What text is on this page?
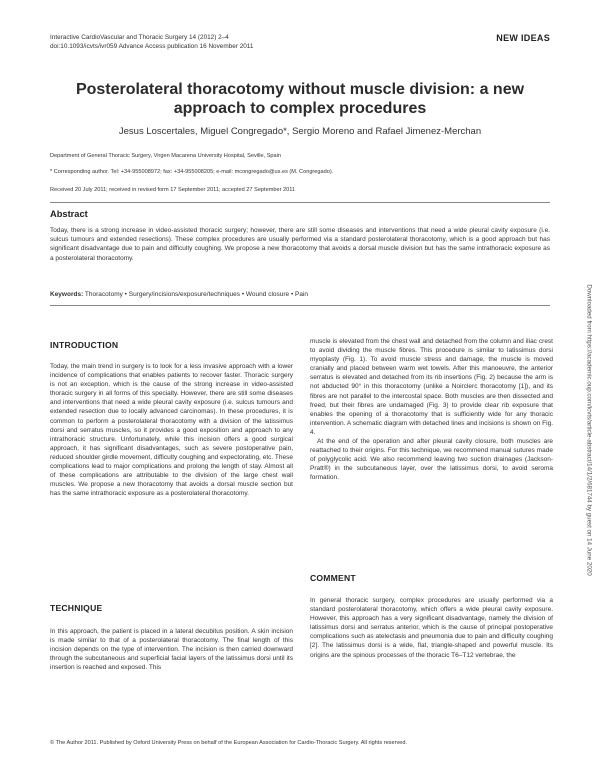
Interactive CardioVascular and Thoracic Surgery 14 (2012) 2–4
doi:10.1093/icvts/ivr059 Advance Access publication 16 November 2011
NEW IDEAS
Posterolateral thoracotomy without muscle division: a new approach to complex procedures
Jesus Loscertales, Miguel Congregado*, Sergio Moreno and Rafael Jimenez-Merchan
Department of General Thoracic Surgery, Virgen Macarena University Hospital, Seville, Spain
* Corresponding author. Tel: +34-955008972; fax: +34-955008205; e-mail: mcongregado@us.es (M. Congregado).
Received 20 July 2011; received in revised form 17 September 2011; accepted 27 September 2011
Abstract
Today, there is a strong increase in video-assisted thoracic surgery; however, there are still some diseases and interventions that need a wide pleural cavity exposure (i.e. sulcus tumours and extended resections). These complex procedures are usually performed via a standard posterolateral thoracotomy, which is a good approach but has significant disadvantage due to pain and difficulty coughing. We propose a new thoracotomy that avoids a dorsal muscle division but has the same intrathoracic exposure as a posterolateral thoracotomy.
Keywords: Thoracotomy • Surgery/incisions/exposure/techniques • Wound closure • Pain
INTRODUCTION

Today, the main trend in surgery is to look for a less invasive approach with a lower incidence of complications that enables patients to recover faster. Thoracic surgery is not an exception, which is the cause of the strong increase in video-assisted thoracic surgery in all forms of this specialty. However, there are still some diseases and interventions that need a wide pleural cavity exposure (i.e. sulcus tumours and extended resection due to locally advanced carcinomas). In these procedures, it is common to perform a posterolateral thoracotomy with a division of the latissimus dorsi and serratus muscles, so it provides a good exposition and approach to any intrathoracic structure. Unfortunately, while this incision offers a good surgical approach, it has significant disadvantages, such as severe postoperative pain, reduced shoulder girdle movement, difficulty coughing and expectorating, etc. These complications lead to major complications and prolong the length of stay. Almost all of these complications are attributable to the division of the large chest wall muscles. We propose a new thoracotomy that avoids a dorsal muscle section but has the same intrathoracic exposure as a posterolateral thoracotomy.

TECHNIQUE

In this approach, the patient is placed in a lateral decubitus position. A skin incision is made similar to that of a posterolateral thoracotomy. The final length of this incision depends on the type of intervention. The incision is then carried downward through the subcutaneous and superficial facial layers of the latissimus dorsi until its insertion is reached and exposed. This

muscle is elevated from the chest wall and detached from the column and iliac crest to avoid dividing the muscle fibres. This procedure is similar to latissimus dorsi myoplasty (Fig. 1). To avoid muscle stress and damage, the muscle is moved cranially and placed between warm wet towels. After this manoeuvre, the anterior serratus is elevated and detached from its rib insertions (Fig. 2) because the arm is not abducted 90° in this thoracotomy (unlike a Noirclerc thoracotomy [1]), and its fibres are not parallel to the intercostal space. Both muscles are then dissected and freed, but their fibres are undamaged (Fig. 3) to provide clear rib exposure that enables the opening of a thoracotomy that is sufficiently wide for any thoracic intervention. A schematic diagram with detached lines and incisions is shown on Fig. 4.

At the end of the operation and after pleural cavity closure, both muscles are reattached to their origins. For this technique, we recommend manual sutures made of polyglycolic acid. We also recommend leaving two suction drainages (Jackson-Pratt®) in the subcutaneous layer, over the latissimus dorsi, to avoid seroma formation.

COMMENT

In general thoracic surgery, complex procedures are usually performed via a standard posterolateral thoracotomy, which offers a wide pleural cavity exposure. However, this approach has a very significant disadvantage, namely the division of latissimus dorsi and serratus anterior, which is the cause of principal postoperative complications such as atelectasis and pneumonia due to pain and difficulty coughing [2]. The latissimus dorsi is a wide, flat, triangle-shaped and powerful muscle. Its origins are the spinous processes of the thoracic T6–T12 vertebrae, the

Downloaded from https://academic.oup.com/icvts/article-abstract/14/1/2/681744 by guest on 14 June 2020
© The Author 2011. Published by Oxford University Press on behalf of the European Association for Cardio-Thoracic Surgery. All rights reserved.
